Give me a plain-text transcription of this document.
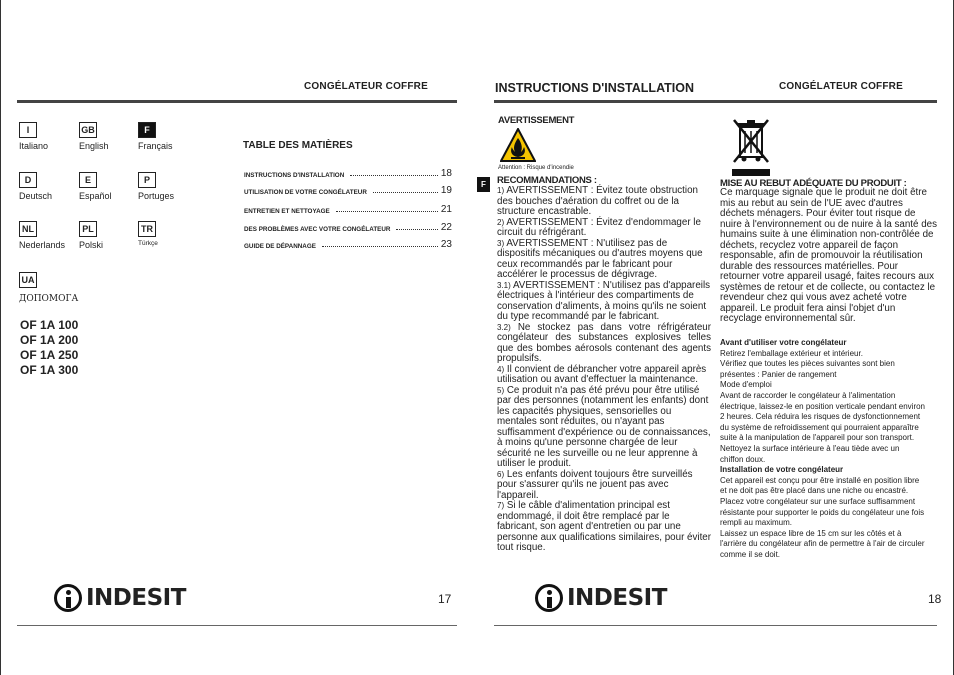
CONGÉLATEUR COFFRE
I
Italiano
GB
English
F
Français
D
Deutsch
E
Español
P
Portuges
NL
Nederlands
PL
Polski
TR
Türkçe
UA
ДОПОМОГА
TABLE DES MATIÈRES
INSTRUCTIONS D'INSTALLATION	18
UTILISATION DE VOTRE CONGÉLATEUR	19
ENTRETIEN ET NETTOYAGE	21
DES PROBLÈMES AVEC VOTRE CONGÉLATEUR	22
GUIDE DE DÉPANNAGE	23
OF 1A 100
OF 1A 200
OF 1A 250
OF 1A 300
INDESIT	17
INSTRUCTIONS D'INSTALLATION	CONGÉLATEUR COFFRE
F
AVERTISSEMENT
Attention : Risque d'incendie
RECOMMANDATIONS :

1) AVERTISSEMENT : Évitez toute obstruction des bouches d'aération du coffret ou de la structure encastrable.

2) AVERTISSEMENT : Évitez d'endommager le circuit du réfrigérant.

3) AVERTISSEMENT : N'utilisez pas de dispositifs mécaniques ou d'autres moyens que ceux recommandés par le fabricant pour accélérer le processus de dégivrage.

3.1) AVERTISSEMENT : N'utilisez pas d'appareils électriques à l'intérieur des compartiments de conservation d'aliments, à moins qu'ils ne soient du type recommandé par le fabricant.

3.2) Ne stockez pas dans votre réfrigérateur congélateur des substances explosives telles que des bombes aérosols contenant des agents propulsifs.

4) Il convient de débrancher votre appareil après utilisation ou avant d'effectuer la maintenance.

5) Ce produit n'a pas été prévu pour être utilisé par des personnes (notamment les enfants) dont les capacités physiques, sensorielles ou mentales sont réduites, ou n'ayant pas suffisamment d'expérience ou de connaissances, à moins qu'une personne chargée de leur sécurité ne les surveille ou ne leur apprenne à utiliser le produit.

6) Les enfants doivent toujours être surveillés pour s'assurer qu'ils ne jouent pas avec l'appareil.

7) Si le câble d'alimentation principal est endommagé, il doit être remplacé par le fabricant, son agent d'entretien ou par une personne aux qualifications similaires, pour éviter tout risque.

MISE AU REBUT ADÉQUATE DU PRODUIT :
Ce marquage signale que le produit ne doit être mis au rebut au sein de l'UE avec d'autres déchets ménagers. Pour éviter tout risque de nuire à l'environnement ou de nuire à la santé des humains suite à une élimination non-contrôlée de déchets, recyclez votre appareil de façon responsable, afin de promouvoir la réutilisation durable des ressources matérielles. Pour retourner votre appareil usagé, faites recours aux systèmes de retour et de collecte, ou contactez le revendeur chez qui vous avez acheté votre appareil. Le produit fera ainsi l'objet d'un recyclage environnemental sûr.

Avant d'utiliser votre congélateur

Retirez l'emballage extérieur et intérieur.

Vérifiez que toutes les pièces suivantes sont bien présentes : Panier de rangement

Mode d'emploi

Avant de raccorder le congélateur à l'alimentation électrique, laissez-le en position verticale pendant environ 2 heures. Cela réduira les risques de dysfonctionnement du système de refroidissement qui pourraient apparaître suite à la manipulation de l'appareil pour son transport. Nettoyez la surface intérieure à l'eau tiède avec un chiffon doux.

Installation de votre congélateur

Cet appareil est conçu pour être installé en position libre et ne doit pas être placé dans une niche ou encastré.

Placez votre congélateur sur une surface suffisamment résistante pour supporter le poids du congélateur une fois rempli au maximum.

Laissez un espace libre de 15 cm sur les côtés et à l'arrière du congélateur afin de permettre à l'air de circuler comme il se doit.

INDESIT	18
